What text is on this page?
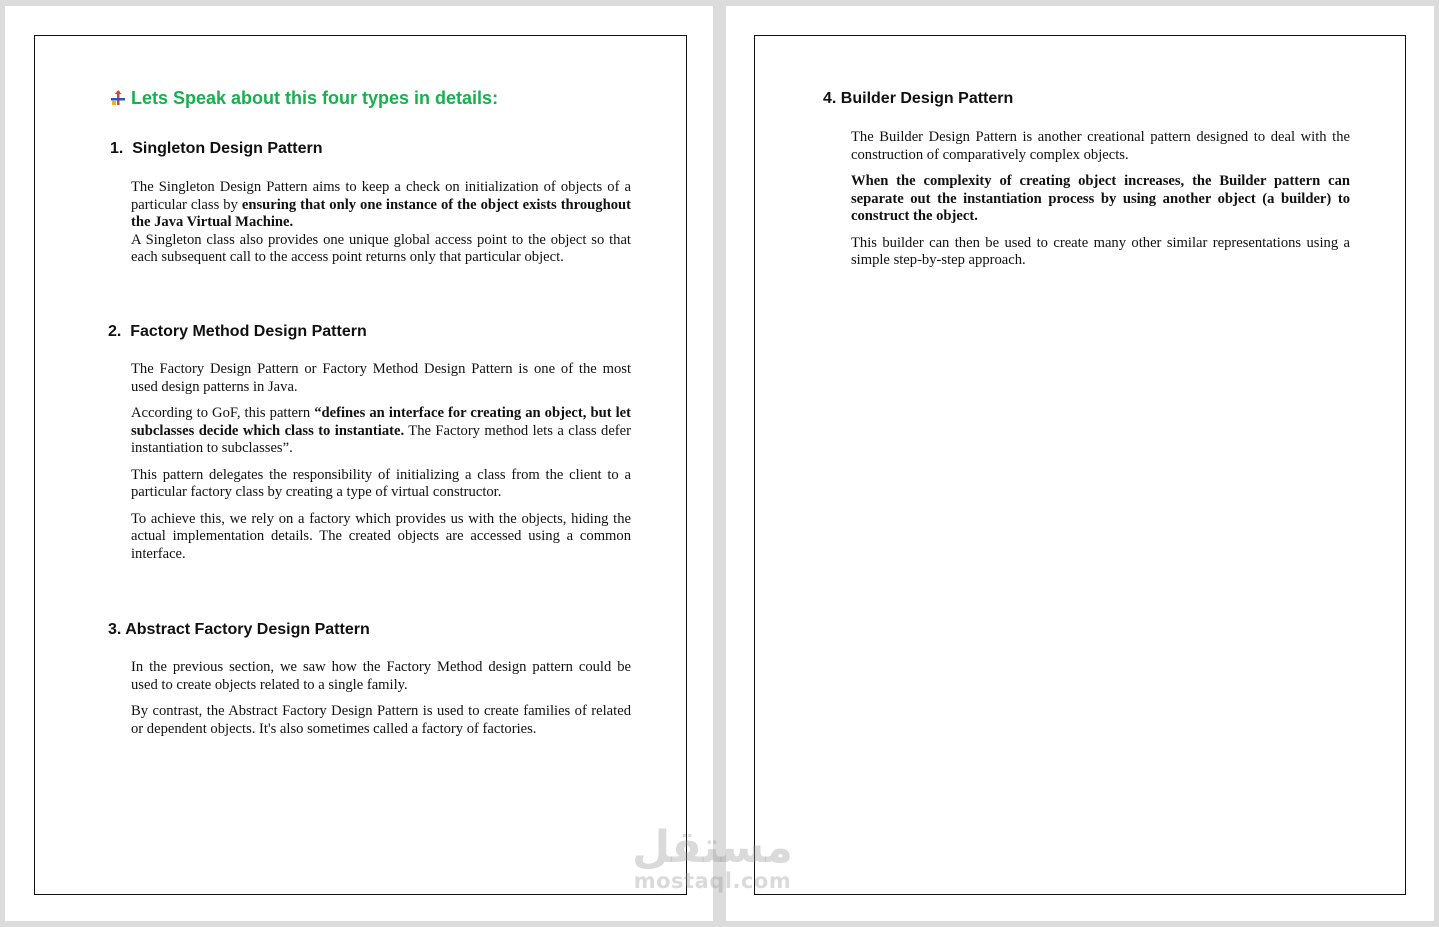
Lets Speak about this four types in details:
1. Singleton Design Pattern

The Singleton Design Pattern aims to keep a check on initialization of objects of a particular class by ensuring that only one instance of the object exists throughout the Java Virtual Machine.

A Singleton class also provides one unique global access point to the object so that each subsequent call to the access point returns only that particular object.

2. Factory Method Design Pattern

The Factory Design Pattern or Factory Method Design Pattern is one of the most used design patterns in Java.

According to GoF, this pattern “defines an interface for creating an object, but let subclasses decide which class to instantiate. The Factory method lets a class defer instantiation to subclasses”.

This pattern delegates the responsibility of initializing a class from the client to a particular factory class by creating a type of virtual constructor.

To achieve this, we rely on a factory which provides us with the objects, hiding the actual implementation details. The created objects are accessed using a common interface.

3. Abstract Factory Design Pattern

In the previous section, we saw how the Factory Method design pattern could be used to create objects related to a single family.

By contrast, the Abstract Factory Design Pattern is used to create families of related or dependent objects. It's also sometimes called a factory of factories.

4. Builder Design Pattern

The Builder Design Pattern is another creational pattern designed to deal with the construction of comparatively complex objects.

When the complexity of creating object increases, the Builder pattern can separate out the instantiation process by using another object (a builder) to construct the object.

This builder can then be used to create many other similar representations using a simple step-by-step approach.

مستقل
mostaql.com
